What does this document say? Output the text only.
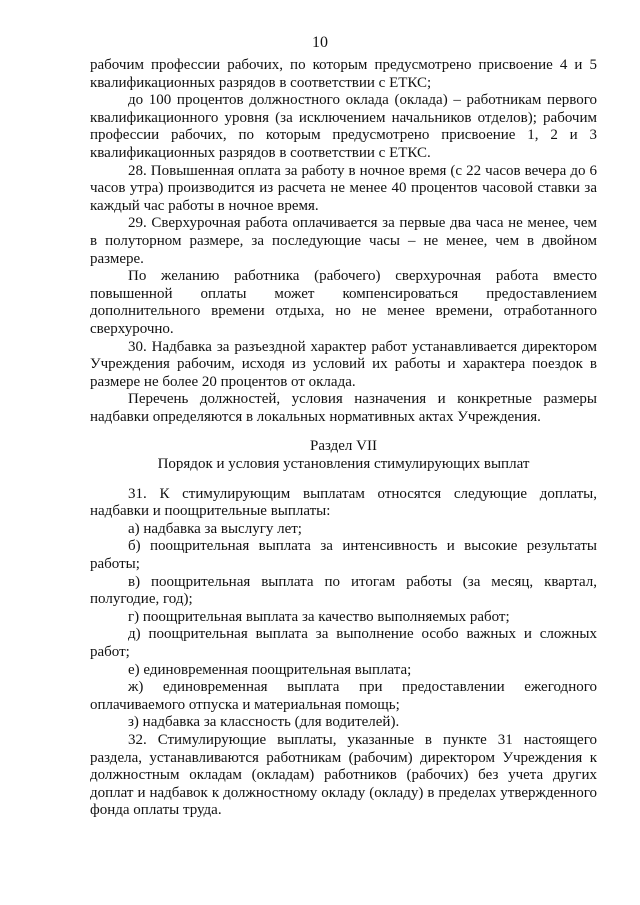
10

рабочим профессии рабочих, по которым предусмотрено присвоение 4 и 5 квалификационных разрядов в соответствии с ЕТКС;

до 100 процентов должностного оклада (оклада) – работникам первого квалификационного уровня (за исключением начальников отделов); рабочим профессии рабочих, по которым предусмотрено присвоение 1, 2 и 3 квалификационных разрядов в соответствии с ЕТКС.

28. Повышенная оплата за работу в ночное время (с 22 часов вечера до 6 часов утра) производится из расчета не менее 40 процентов часовой ставки за каждый час работы в ночное время.

29. Сверхурочная работа оплачивается за первые два часа не менее, чем в полуторном размере, за последующие часы – не менее, чем в двойном размере.

По желанию работника (рабочего) сверхурочная работа вместо повышенной оплаты может компенсироваться предоставлением дополнительного времени отдыха, но не менее времени, отработанного сверхурочно.

30. Надбавка за разъездной характер работ устанавливается директором Учреждения рабочим, исходя из условий их работы и характера поездок в размере не более 20 процентов от оклада.

Перечень должностей, условия назначения и конкретные размеры надбавки определяются в локальных нормативных актах Учреждения.

Раздел VII

Порядок и условия установления стимулирующих выплат

31. К стимулирующим выплатам относятся следующие доплаты, надбавки и поощрительные выплаты:

а) надбавка за выслугу лет;

б) поощрительная выплата за интенсивность и высокие результаты работы;

в) поощрительная выплата по итогам работы (за месяц, квартал, полугодие, год);

г) поощрительная выплата за качество выполняемых работ;

д) поощрительная выплата за выполнение особо важных и сложных работ;

е) единовременная поощрительная выплата;

ж) единовременная выплата при предоставлении ежегодного оплачиваемого отпуска и материальная помощь;

з) надбавка за классность (для водителей).

32. Стимулирующие выплаты, указанные в пункте 31 настоящего раздела, устанавливаются работникам (рабочим) директором Учреждения к должностным окладам (окладам) работников (рабочих) без учета других доплат и надбавок к должностному окладу (окладу) в пределах утвержденного фонда оплаты труда.
